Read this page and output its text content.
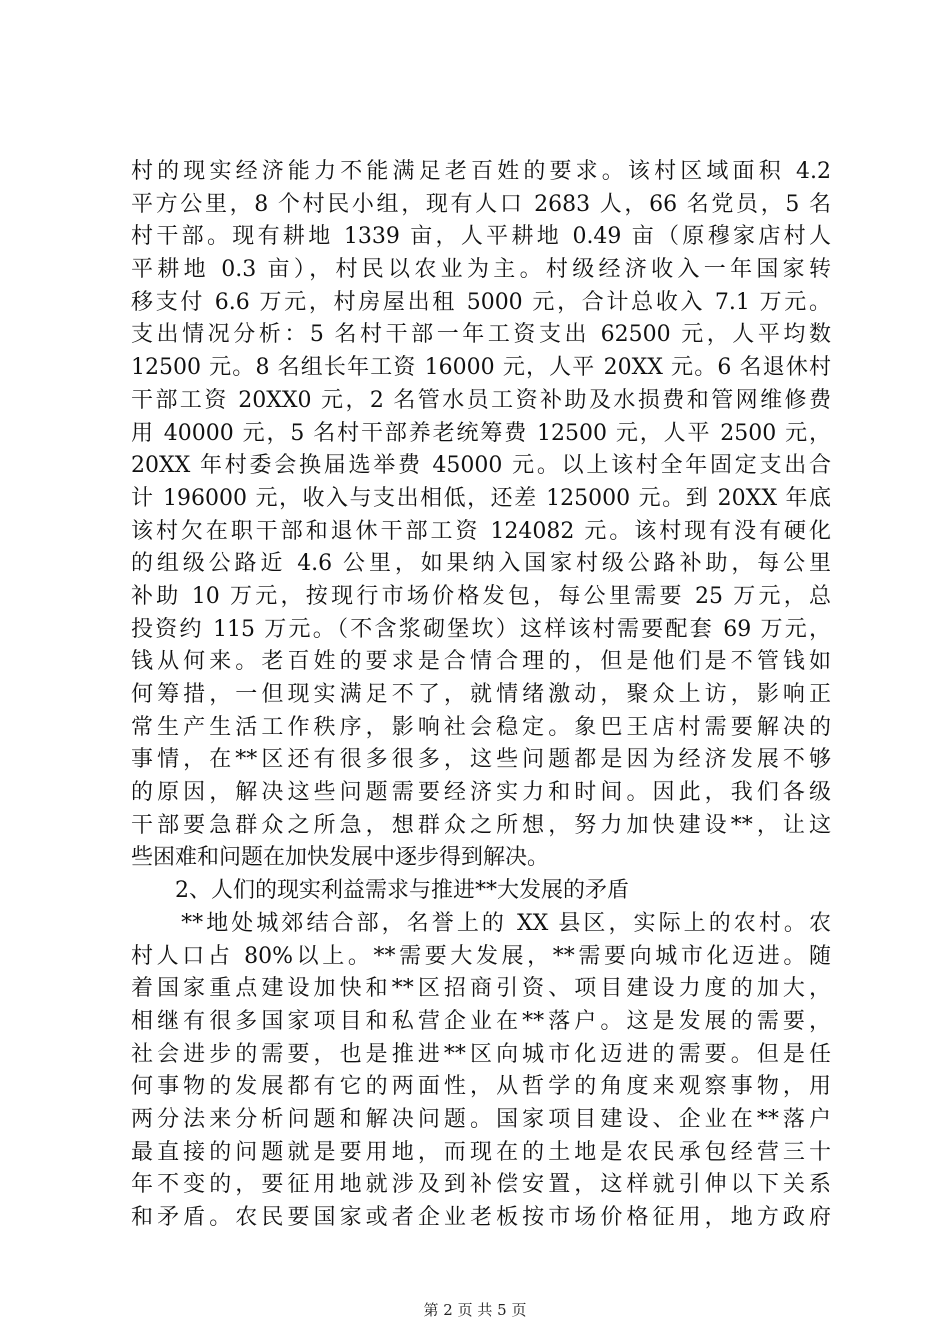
村的现实经济能力不能满足老百姓的要求。该村区域面积 4.2
平方公里，8 个村民小组，现有人口 2683 人，66 名党员，5 名
村干部。现有耕地 1339 亩，人平耕地 0.49 亩（原穆家店村人
平耕地 0.3 亩），村民以农业为主。村级经济收入一年国家转
移支付 6.6 万元，村房屋出租 5000 元，合计总收入 7.1 万元。
支出情况分析：5 名村干部一年工资支出 62500 元，人平均数
12500 元。8 名组长年工资 16000 元，人平 20XX 元。6 名退休村
干部工资 20XX0 元，2 名管水员工资补助及水损费和管网维修费
用 40000 元，5 名村干部养老统筹费 12500 元，人平 2500 元，
20XX 年村委会换届选举费 45000 元。以上该村全年固定支出合
计 196000 元，收入与支出相低，还差 125000 元。到 20XX 年底
该村欠在职干部和退休干部工资 124082 元。该村现有没有硬化
的组级公路近 4.6 公里，如果纳入国家村级公路补助，每公里
补助 10 万元，按现行市场价格发包，每公里需要 25 万元，总
投资约 115 万元。（不含浆砌堡坎）这样该村需要配套 69 万元，
钱从何来。老百姓的要求是合情合理的，但是他们是不管钱如
何筹措，一但现实满足不了，就情绪激动，聚众上访，影响正
常生产生活工作秩序，影响社会稳定。象巴王店村需要解决的
事情，在**区还有很多很多，这些问题都是因为经济发展不够
的原因，解决这些问题需要经济实力和时间。因此，我们各级
干部要急群众之所急，想群众之所想，努力加快建设**，让这
些困难和问题在加快发展中逐步得到解决。
　　2、人们的现实利益需求与推进**大发展的矛盾
　　**地处城郊结合部，名誉上的 XX 县区，实际上的农村。农
村人口占 80%以上。**需要大发展，**需要向城市化迈进。随
着国家重点建设加快和**区招商引资、项目建设力度的加大，
相继有很多国家项目和私营企业在**落户。这是发展的需要，
社会进步的需要，也是推进**区向城市化迈进的需要。但是任
何事物的发展都有它的两面性，从哲学的角度来观察事物，用
两分法来分析问题和解决问题。国家项目建设、企业在**落户
最直接的问题就是要用地，而现在的土地是农民承包经营三十
年不变的，要征用地就涉及到补偿安置，这样就引伸以下关系
和矛盾。农民要国家或者企业老板按市场价格征用，地方政府
第 2 页 共 5 页
